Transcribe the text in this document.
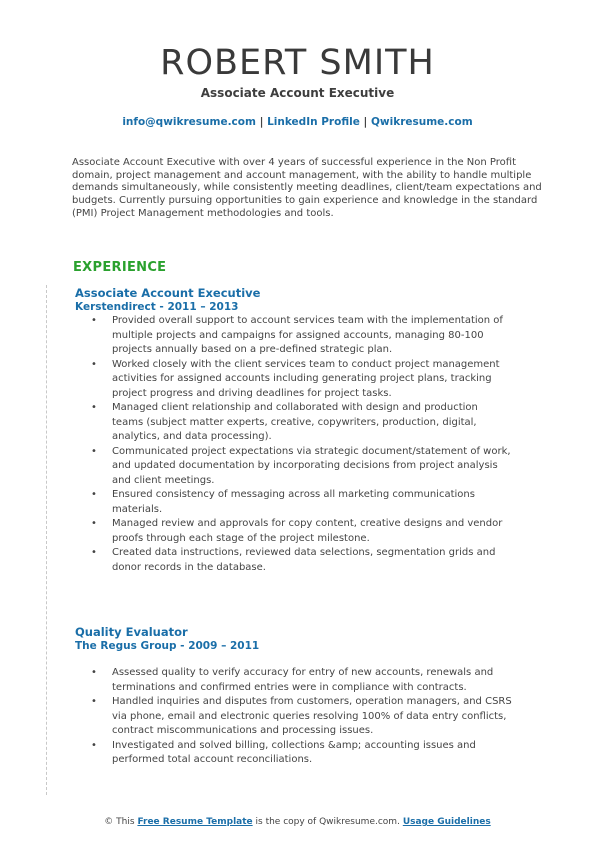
ROBERT SMITH
Associate Account Executive
info@qwikresume.com | LinkedIn Profile | Qwikresume.com
Associate Account Executive with over 4 years of successful experience in the Non Profit domain, project management and account management, with the ability to handle multiple demands simultaneously, while consistently meeting deadlines, client/team expectations and budgets. Currently pursuing opportunities to gain experience and knowledge in the standard (PMI) Project Management methodologies and tools.
EXPERIENCE
Associate Account Executive
Kerstendirect - 2011 – 2013
• Provided overall support to account services team with the implementation of multiple projects and campaigns for assigned accounts, managing 80-100 projects annually based on a pre-defined strategic plan.
• Worked closely with the client services team to conduct project management activities for assigned accounts including generating project plans, tracking project progress and driving deadlines for project tasks.
• Managed client relationship and collaborated with design and production teams (subject matter experts, creative, copywriters, production, digital, analytics, and data processing).
• Communicated project expectations via strategic document/statement of work, and updated documentation by incorporating decisions from project analysis and client meetings.
• Ensured consistency of messaging across all marketing communications materials.
• Managed review and approvals for copy content, creative designs and vendor proofs through each stage of the project milestone.
• Created data instructions, reviewed data selections, segmentation grids and donor records in the database.
Quality Evaluator
The Regus Group - 2009 – 2011
• Assessed quality to verify accuracy for entry of new accounts, renewals and terminations and confirmed entries were in compliance with contracts.
• Handled inquiries and disputes from customers, operation managers, and CSRS via phone, email and electronic queries resolving 100% of data entry conflicts, contract miscommunications and processing issues.
• Investigated and solved billing, collections &amp; accounting issues and performed total account reconciliations.
© This Free Resume Template is the copy of Qwikresume.com. Usage Guidelines
